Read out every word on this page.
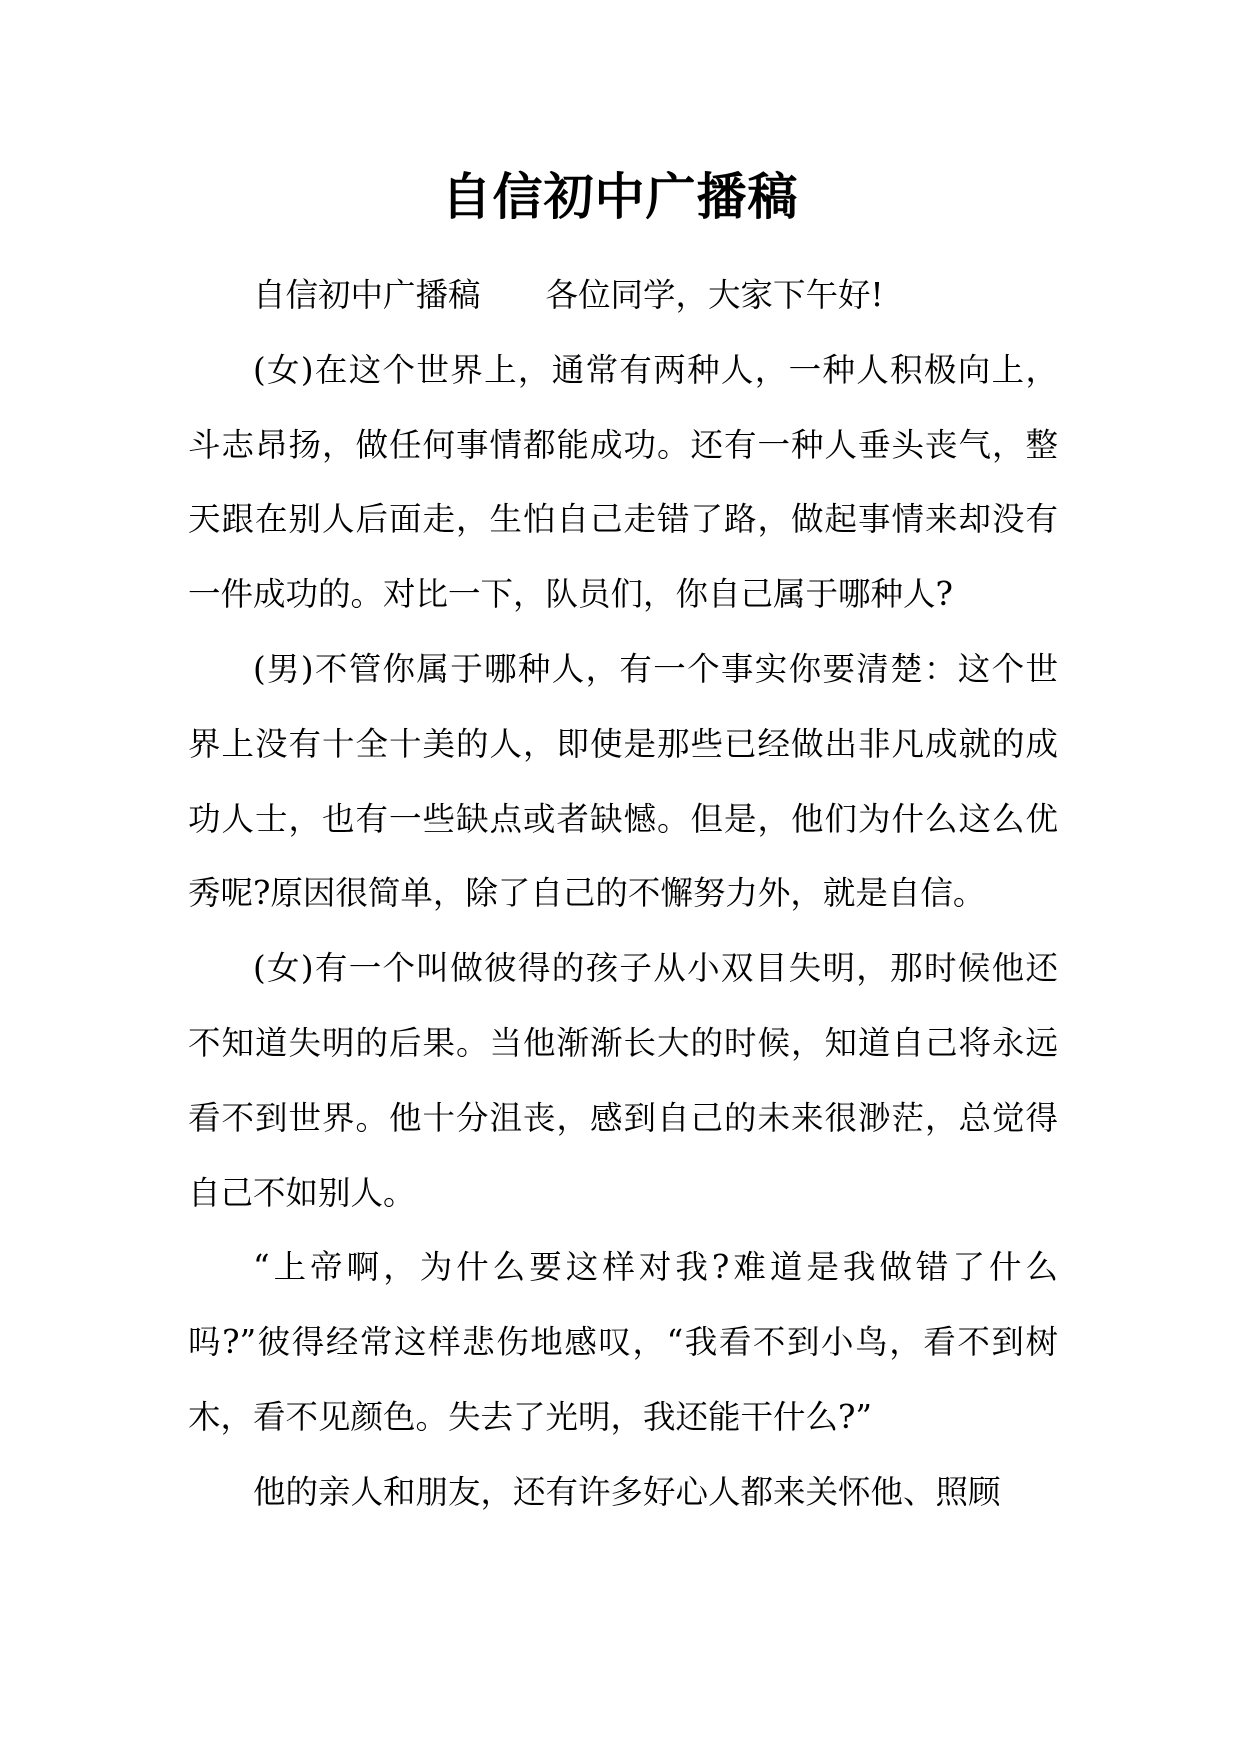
自信初中广播稿

自信初中广播稿　　各位同学，大家下午好!

(女)在这个世界上，通常有两种人，一种人积极向上，斗志昂扬，做任何事情都能成功。还有一种人垂头丧气，整天跟在别人后面走，生怕自己走错了路，做起事情来却没有一件成功的。对比一下，队员们，你自己属于哪种人?

(男)不管你属于哪种人，有一个事实你要清楚：这个世界上没有十全十美的人，即使是那些已经做出非凡成就的成功人士，也有一些缺点或者缺憾。但是，他们为什么这么优秀呢?原因很简单，除了自己的不懈努力外，就是自信。

(女)有一个叫做彼得的孩子从小双目失明，那时候他还不知道失明的后果。当他渐渐长大的时候，知道自己将永远看不到世界。他十分沮丧，感到自己的未来很渺茫，总觉得自己不如别人。

“上帝啊，为什么要这样对我?难道是我做错了什么吗?”彼得经常这样悲伤地感叹，“我看不到小鸟，看不到树木，看不见颜色。失去了光明，我还能干什么?”

他的亲人和朋友，还有许多好心人都来关怀他、照顾
